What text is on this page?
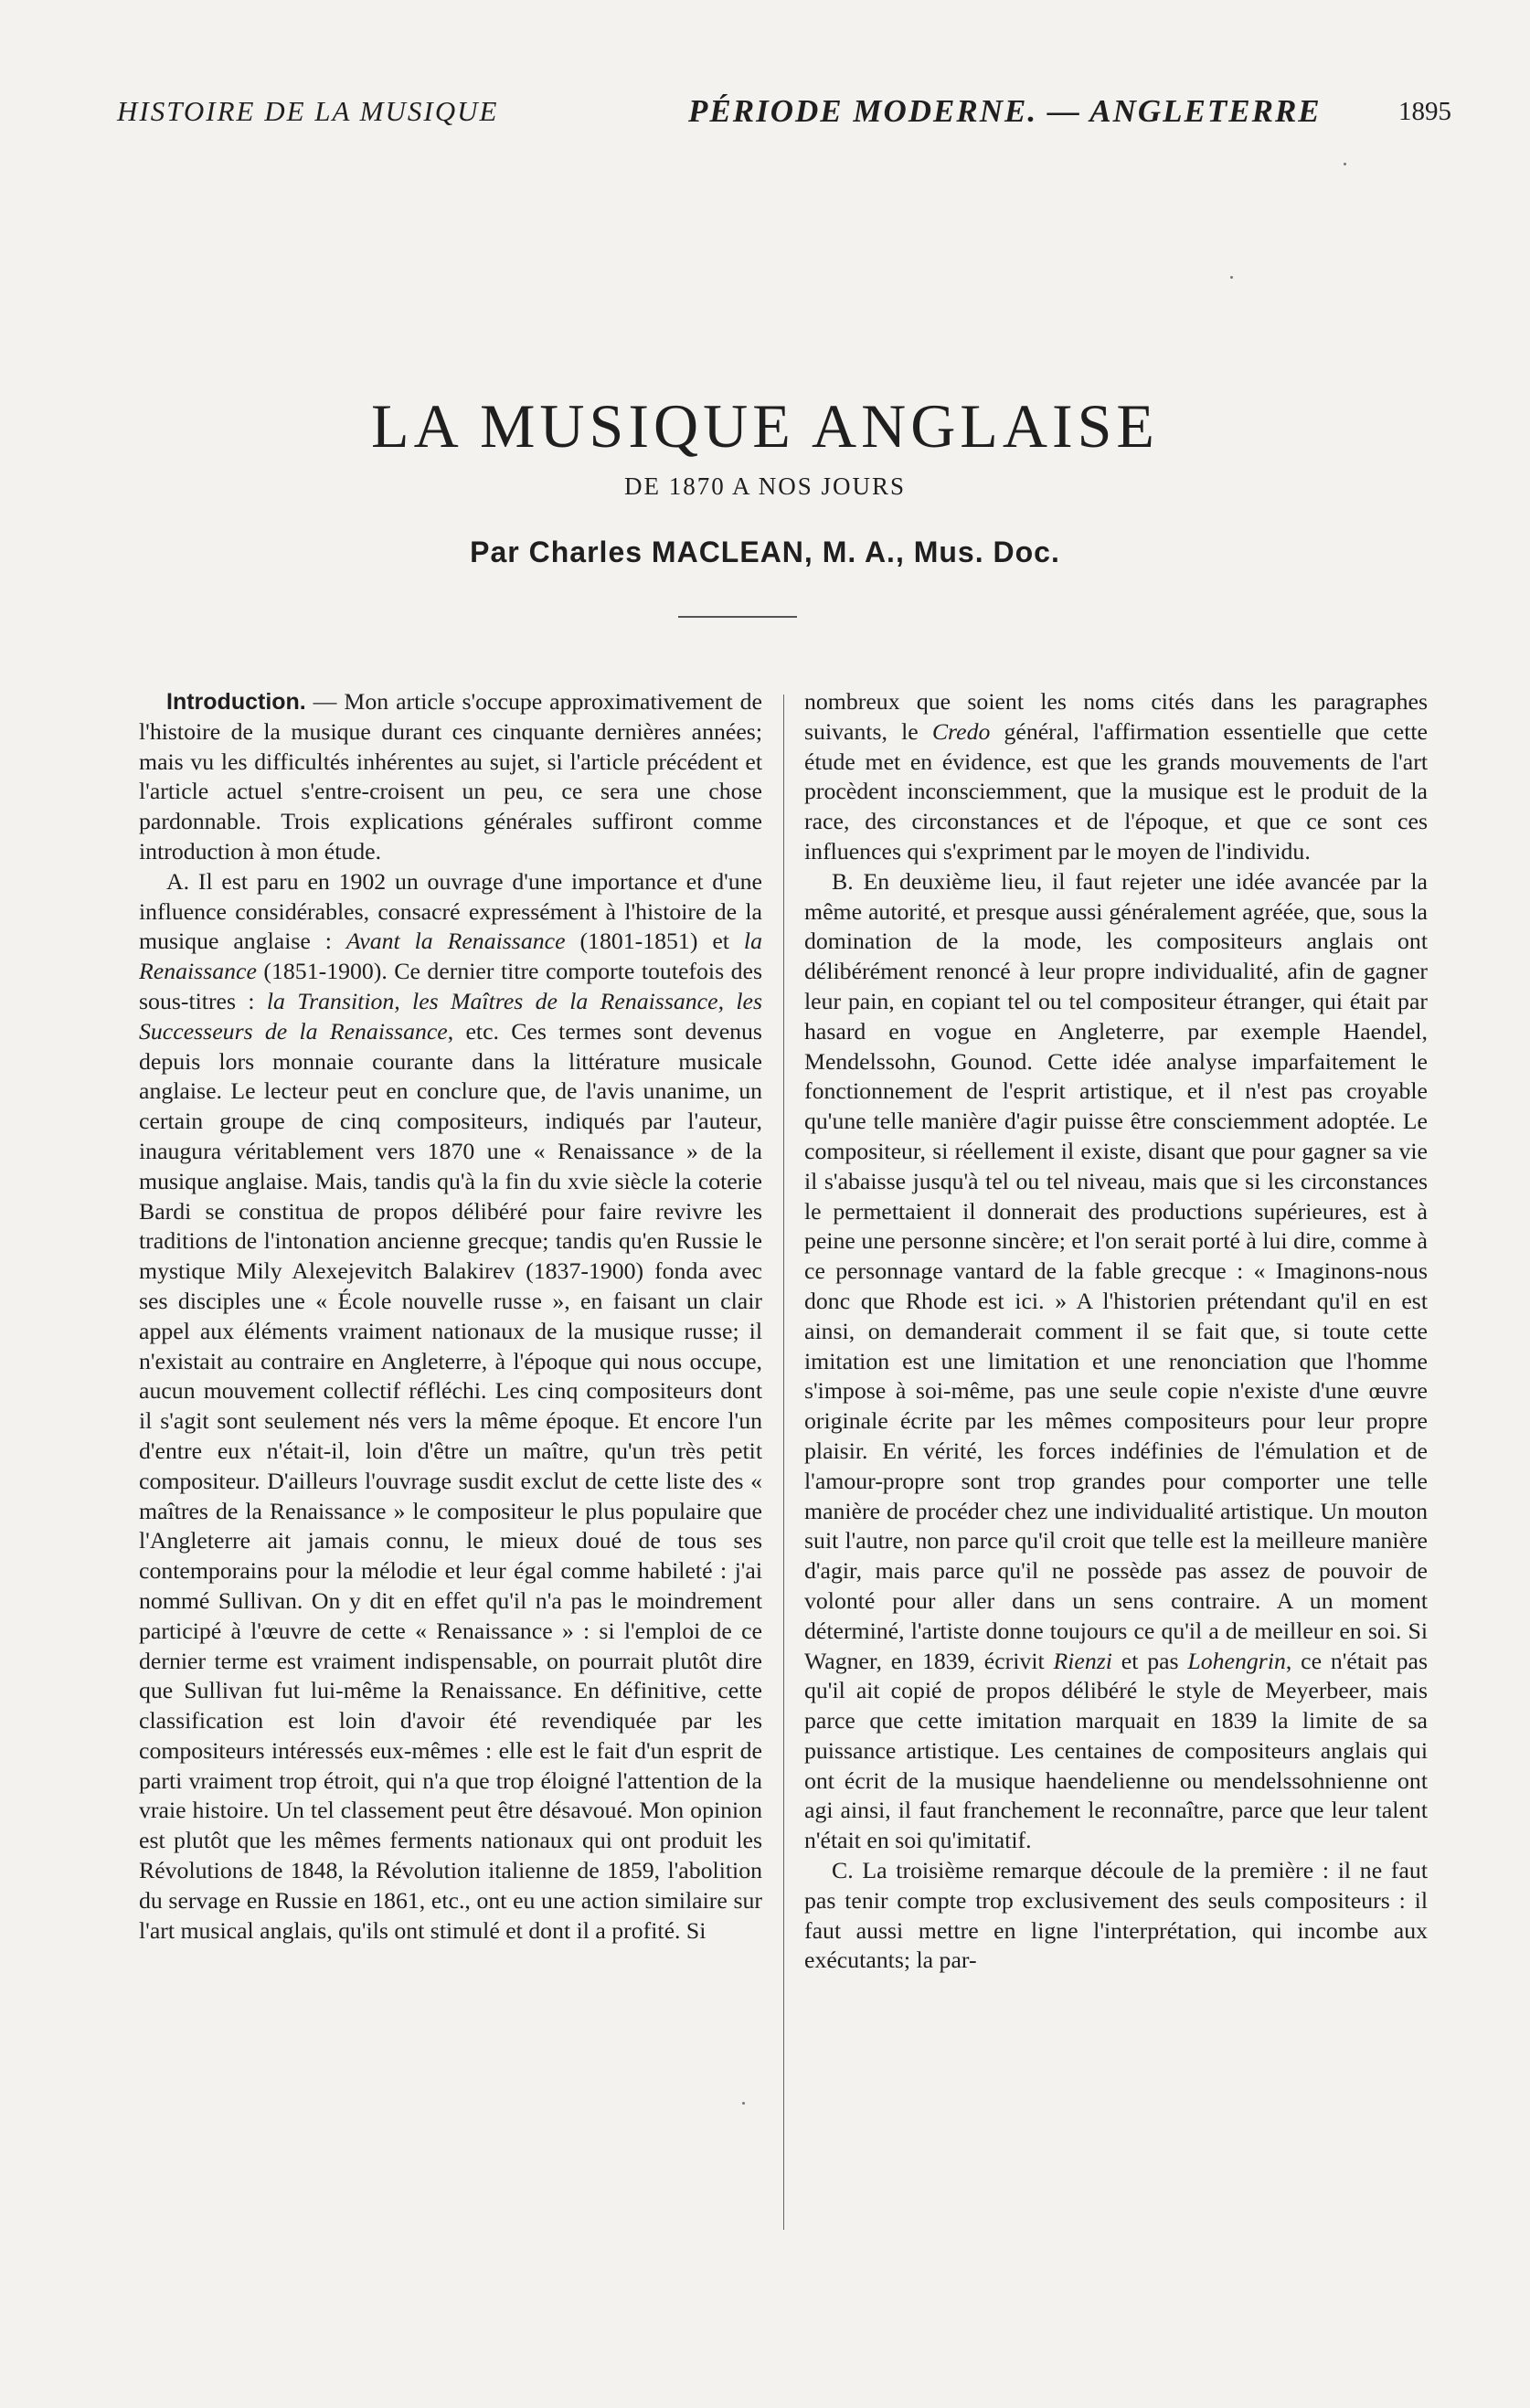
HISTOIRE DE LA MUSIQUE	PÉRIODE MODERNE. — ANGLETERRE	1895
LA MUSIQUE ANGLAISE
DE 1870 A NOS JOURS
Par Charles MACLEAN, M. A., Mus. Doc.

Introduction. — Mon article s'occupe approximativement de l'histoire de la musique durant ces cinquante dernières années; mais vu les difficultés inhérentes au sujet, si l'article précédent et l'article actuel s'entre-croisent un peu, ce sera une chose pardonnable. Trois explications générales suffiront comme introduction à mon étude.

A. Il est paru en 1902 un ouvrage d'une importance et d'une influence considérables, consacré expressément à l'histoire de la musique anglaise : Avant la Renaissance (1801-1851) et la Renaissance (1851-1900). Ce dernier titre comporte toutefois des sous-titres : la Transition, les Maîtres de la Renaissance, les Successeurs de la Renaissance, etc. Ces termes sont devenus depuis lors monnaie courante dans la littérature musicale anglaise. Le lecteur peut en conclure que, de l'avis unanime, un certain groupe de cinq compositeurs, indiqués par l'auteur, inaugura véritablement vers 1870 une « Renaissance » de la musique anglaise. Mais, tandis qu'à la fin du xvie siècle la coterie Bardi se constitua de propos délibéré pour faire revivre les traditions de l'intonation ancienne grecque; tandis qu'en Russie le mystique Mily Alexejevitch Balakirev (1837-1900) fonda avec ses disciples une « École nouvelle russe », en faisant un clair appel aux éléments vraiment nationaux de la musique russe; il n'existait au contraire en Angleterre, à l'époque qui nous occupe, aucun mouvement collectif réfléchi. Les cinq compositeurs dont il s'agit sont seulement nés vers la même époque. Et encore l'un d'entre eux n'était-il, loin d'être un maître, qu'un très petit compositeur. D'ailleurs l'ouvrage susdit exclut de cette liste des « maîtres de la Renaissance » le compositeur le plus populaire que l'Angleterre ait jamais connu, le mieux doué de tous ses contemporains pour la mélodie et leur égal comme habileté : j'ai nommé Sullivan. On y dit en effet qu'il n'a pas le moindrement participé à l'œuvre de cette « Renaissance » : si l'emploi de ce dernier terme est vraiment indispensable, on pourrait plutôt dire que Sullivan fut lui-même la Renaissance. En définitive, cette classification est loin d'avoir été revendiquée par les compositeurs intéressés eux-mêmes : elle est le fait d'un esprit de parti vraiment trop étroit, qui n'a que trop éloigné l'attention de la vraie histoire. Un tel classement peut être désavoué. Mon opinion est plutôt que les mêmes ferments nationaux qui ont produit les Révolutions de 1848, la Révolution italienne de 1859, l'abolition du servage en Russie en 1861, etc., ont eu une action similaire sur l'art musical anglais, qu'ils ont stimulé et dont il a profité. Si

nombreux que soient les noms cités dans les paragraphes suivants, le Credo général, l'affirmation essentielle que cette étude met en évidence, est que les grands mouvements de l'art procèdent inconsciemment, que la musique est le produit de la race, des circonstances et de l'époque, et que ce sont ces influences qui s'expriment par le moyen de l'individu.

B. En deuxième lieu, il faut rejeter une idée avancée par la même autorité, et presque aussi généralement agréée, que, sous la domination de la mode, les compositeurs anglais ont délibérément renoncé à leur propre individualité, afin de gagner leur pain, en copiant tel ou tel compositeur étranger, qui était par hasard en vogue en Angleterre, par exemple Haendel, Mendelssohn, Gounod. Cette idée analyse imparfaitement le fonctionnement de l'esprit artistique, et il n'est pas croyable qu'une telle manière d'agir puisse être consciemment adoptée. Le compositeur, si réellement il existe, disant que pour gagner sa vie il s'abaisse jusqu'à tel ou tel niveau, mais que si les circonstances le permettaient il donnerait des productions supérieures, est à peine une personne sincère; et l'on serait porté à lui dire, comme à ce personnage vantard de la fable grecque : « Imaginons-nous donc que Rhode est ici. » A l'historien prétendant qu'il en est ainsi, on demanderait comment il se fait que, si toute cette imitation est une limitation et une renonciation que l'homme s'impose à soi-même, pas une seule copie n'existe d'une œuvre originale écrite par les mêmes compositeurs pour leur propre plaisir. En vérité, les forces indéfinies de l'émulation et de l'amour-propre sont trop grandes pour comporter une telle manière de procéder chez une individualité artistique. Un mouton suit l'autre, non parce qu'il croit que telle est la meilleure manière d'agir, mais parce qu'il ne possède pas assez de pouvoir de volonté pour aller dans un sens contraire. A un moment déterminé, l'artiste donne toujours ce qu'il a de meilleur en soi. Si Wagner, en 1839, écrivit Rienzi et pas Lohengrin, ce n'était pas qu'il ait copié de propos délibéré le style de Meyerbeer, mais parce que cette imitation marquait en 1839 la limite de sa puissance artistique. Les centaines de compositeurs anglais qui ont écrit de la musique haendelienne ou mendelssohnienne ont agi ainsi, il faut franchement le reconnaître, parce que leur talent n'était en soi qu'imitatif.

C. La troisième remarque découle de la première : il ne faut pas tenir compte trop exclusivement des seuls compositeurs : il faut aussi mettre en ligne l'interprétation, qui incombe aux exécutants; la par-
